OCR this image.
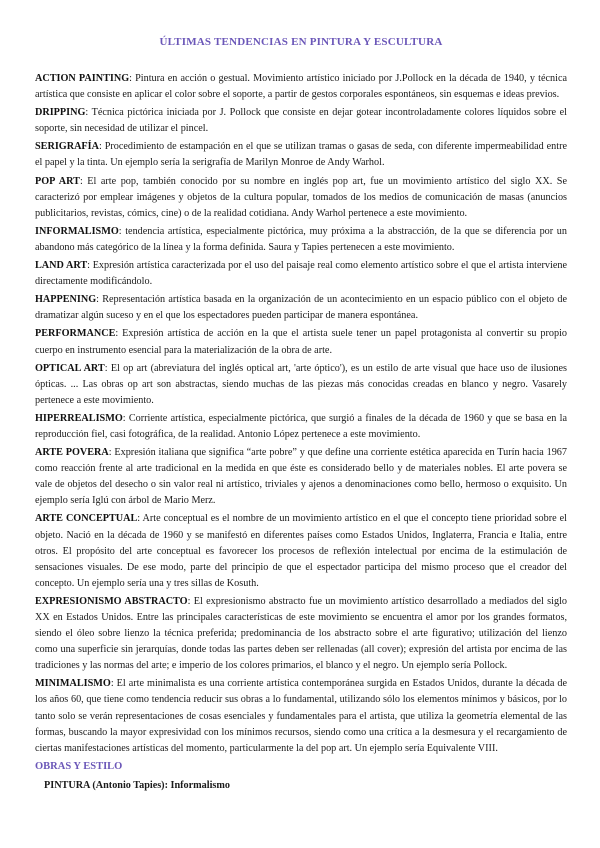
ÚLTIMAS TENDENCIAS EN PINTURA Y ESCULTURA

ACTION PAINTING: Pintura en acción o gestual. Movimiento artístico iniciado por J.Pollock en la década de 1940, y técnica artística que consiste en aplicar el color sobre el soporte, a partir de gestos corporales espontáneos, sin esquemas e ideas previos.

DRIPPING: Técnica pictórica iniciada por J. Pollock que consiste en dejar gotear incontroladamente colores líquidos sobre el soporte, sin necesidad de utilizar el pincel.

SERIGRAFÍA: Procedimiento de estampación en el que se utilizan tramas o gasas de seda, con diferente impermeabilidad entre el papel y la tinta. Un ejemplo sería la serigrafía de Marilyn Monroe de Andy Warhol.

POP ART: El arte pop, también conocido por su nombre en inglés pop art, fue un movimiento artístico del siglo XX. Se caracterizó por emplear imágenes y objetos de la cultura popular, tomados de los medios de comunicación de masas (anuncios publicitarios, revistas, cómics, cine) o de la realidad cotidiana. Andy Warhol pertenece a este movimiento.

INFORMALISMO: tendencia artística, especialmente pictórica, muy próxima a la abstracción, de la que se diferencia por un abandono más categórico de la línea y la forma definida. Saura y Tapies pertenecen a este movimiento.

LAND ART: Expresión artística caracterizada por el uso del paisaje real como elemento artístico sobre el que el artista interviene directamente modificándolo.

HAPPENING: Representación artística basada en la organización de un acontecimiento en un espacio público con el objeto de dramatizar algún suceso y en el que los espectadores pueden participar de manera espontánea.

PERFORMANCE: Expresión artística de acción en la que el artista suele tener un papel protagonista al convertir su propio cuerpo en instrumento esencial para la materialización de la obra de arte.

OPTICAL ART: El op art (abreviatura del inglés optical art, 'arte óptico'), es un estilo de arte visual que hace uso de ilusiones ópticas. ... Las obras op art son abstractas, siendo muchas de las piezas más conocidas creadas en blanco y negro. Vasarely pertenece a este movimiento.

HIPERREALISMO: Corriente artística, especialmente pictórica, que surgió a finales de la década de 1960 y que se basa en la reproducción fiel, casi fotográfica, de la realidad. Antonio López pertenece a este movimiento.

ARTE POVERA: Expresión italiana que significa “arte pobre” y que define una corriente estética aparecida en Turín hacia 1967 como reacción frente al arte tradicional en la medida en que éste es considerado bello y de materiales nobles. El arte povera se vale de objetos del desecho o sin valor real ni artístico, triviales y ajenos a denominaciones como bello, hermoso o exquisito. Un ejemplo sería Iglú con árbol de Mario Merz.

ARTE CONCEPTUAL: Arte conceptual es el nombre de un movimiento artístico en el que el concepto tiene prioridad sobre el objeto. Nació en la década de 1960 y se manifestó en diferentes países como Estados Unidos, Inglaterra, Francia e Italia, entre otros. El propósito del arte conceptual es favorecer los procesos de reflexión intelectual por encima de la estimulación de sensaciones visuales. De ese modo, parte del principio de que el espectador participa del mismo proceso que el creador del concepto. Un ejemplo sería una y tres sillas de Kosuth.

EXPRESIONISMO ABSTRACTO: El expresionismo abstracto fue un movimiento artístico desarrollado a mediados del siglo XX en Estados Unidos. Entre las principales características de este movimiento se encuentra el amor por los grandes formatos, siendo el óleo sobre lienzo la técnica preferida; predominancia de los abstracto sobre el arte figurativo; utilización del lienzo como una superficie sin jerarquías, donde todas las partes deben ser rellenadas (all cover); expresión del artista por encima de las tradiciones y las normas del arte; e imperio de los colores primarios, el blanco y el negro. Un ejemplo sería Pollock.

MINIMALISMO: El arte minimalista es una corriente artística contemporánea surgida en Estados Unidos, durante la década de los años 60, que tiene como tendencia reducir sus obras a lo fundamental, utilizando sólo los elementos mínimos y básicos, por lo tanto solo se verán representaciones de cosas esenciales y fundamentales para el artista, que utiliza la geometría elemental de las formas, buscando la mayor expresividad con los mínimos recursos, siendo como una crítica a la desmesura y el recargamiento de ciertas manifestaciones artísticas del momento, particularmente la del pop art. Un ejemplo sería Equivalente VIII.

OBRAS Y ESTILO
PINTURA (Antonio Tapies): Informalismo
